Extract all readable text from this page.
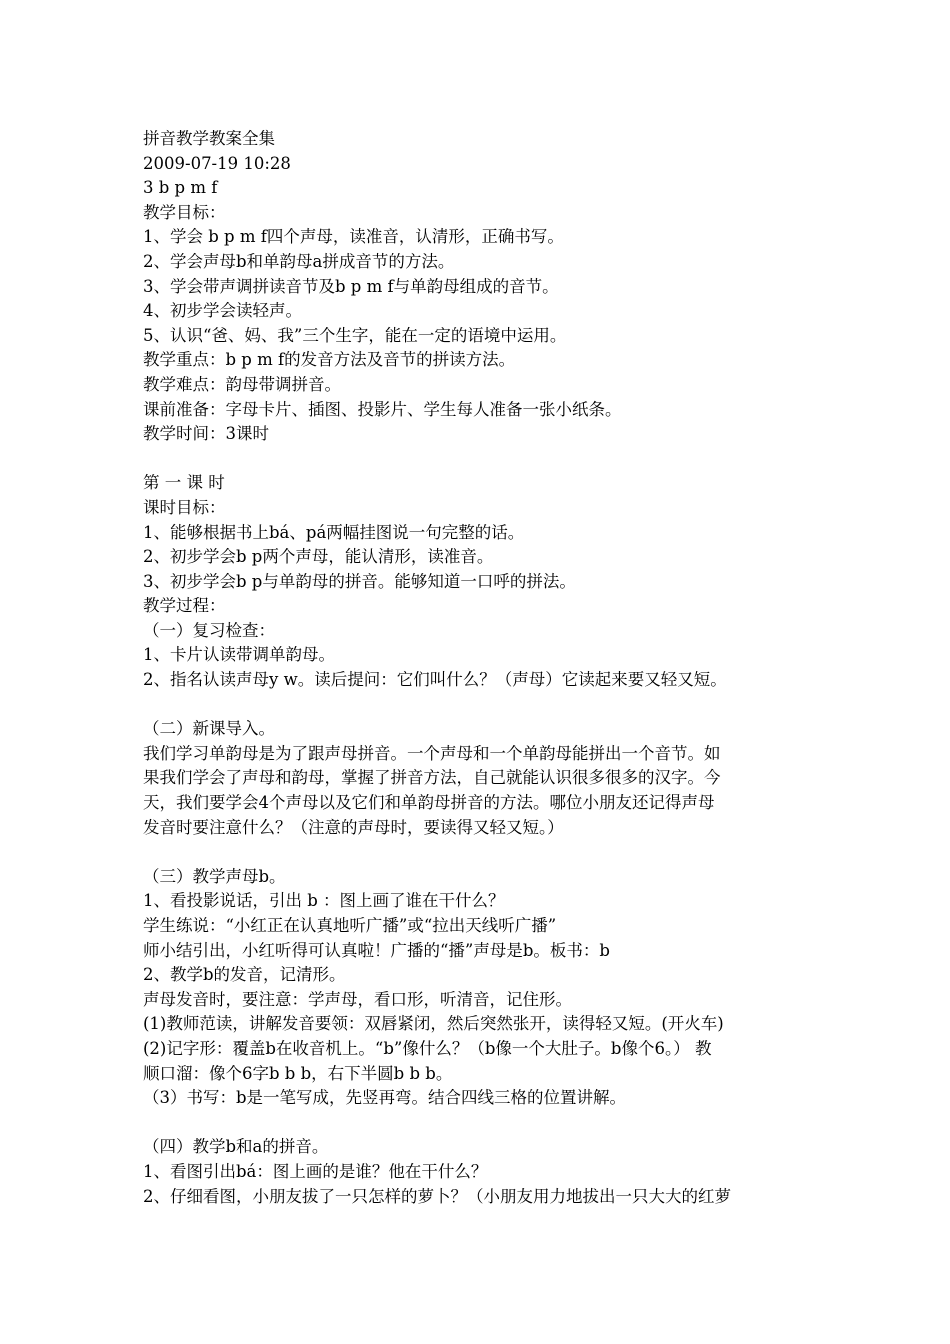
拼音教学教案全集
2009-07-19 10:28
3 b p m f
教学目标：
1、学会 b p m f四个声母，读准音，认清形，正确书写。
2、学会声母b和单韵母a拼成音节的方法。
3、学会带声调拼读音节及b p m f与单韵母组成的音节。
4、初步学会读轻声。
5、认识“爸、妈、我”三个生字，能在一定的语境中运用。
教学重点：b p m f的发音方法及音节的拼读方法。
教学难点：韵母带调拼音。
课前准备：字母卡片、插图、投影片、学生每人准备一张小纸条。
教学时间：3课时
第 一 课 时
课时目标：
1、能够根据书上bá、pá两幅挂图说一句完整的话。
2、初步学会b p两个声母，能认清形，读准音。
3、初步学会b p与单韵母的拼音。能够知道一口呼的拼法。
教学过程：
（一）复习检查：
1、卡片认读带调单韵母。
2、指名认读声母y w。读后提问：它们叫什么？（声母）它读起来要又轻又短。
（二）新课导入。
我们学习单韵母是为了跟声母拼音。一个声母和一个单韵母能拼出一个音节。如
果我们学会了声母和韵母，掌握了拼音方法，自己就能认识很多很多的汉字。今
天，我们要学会4个声母以及它们和单韵母拼音的方法。哪位小朋友还记得声母
发音时要注意什么？（注意的声母时，要读得又轻又短。）
（三）教学声母b。
1、看投影说话，引出 b ：图上画了谁在干什么？
学生练说：“小红正在认真地听广播”或“拉出天线听广播”
师小结引出，小红听得可认真啦！广播的“播”声母是b。板书：b
2、教学b的发音，记清形。
声母发音时，要注意：学声母，看口形，听清音，记住形。
(1)教师范读，讲解发音要领：双唇紧闭，然后突然张开，读得轻又短。(开火车)
(2)记字形：覆盖b在收音机上。“b”像什么？（b像一个大肚子。b像个6。） 教
顺口溜：像个6字b b b，右下半圆b b b。
（3）书写：b是一笔写成，先竖再弯。结合四线三格的位置讲解。
（四）教学b和a的拼音。
1、看图引出bá：图上画的是谁？他在干什么？
2、仔细看图，小朋友拔了一只怎样的萝卜？（小朋友用力地拔出一只大大的红萝
